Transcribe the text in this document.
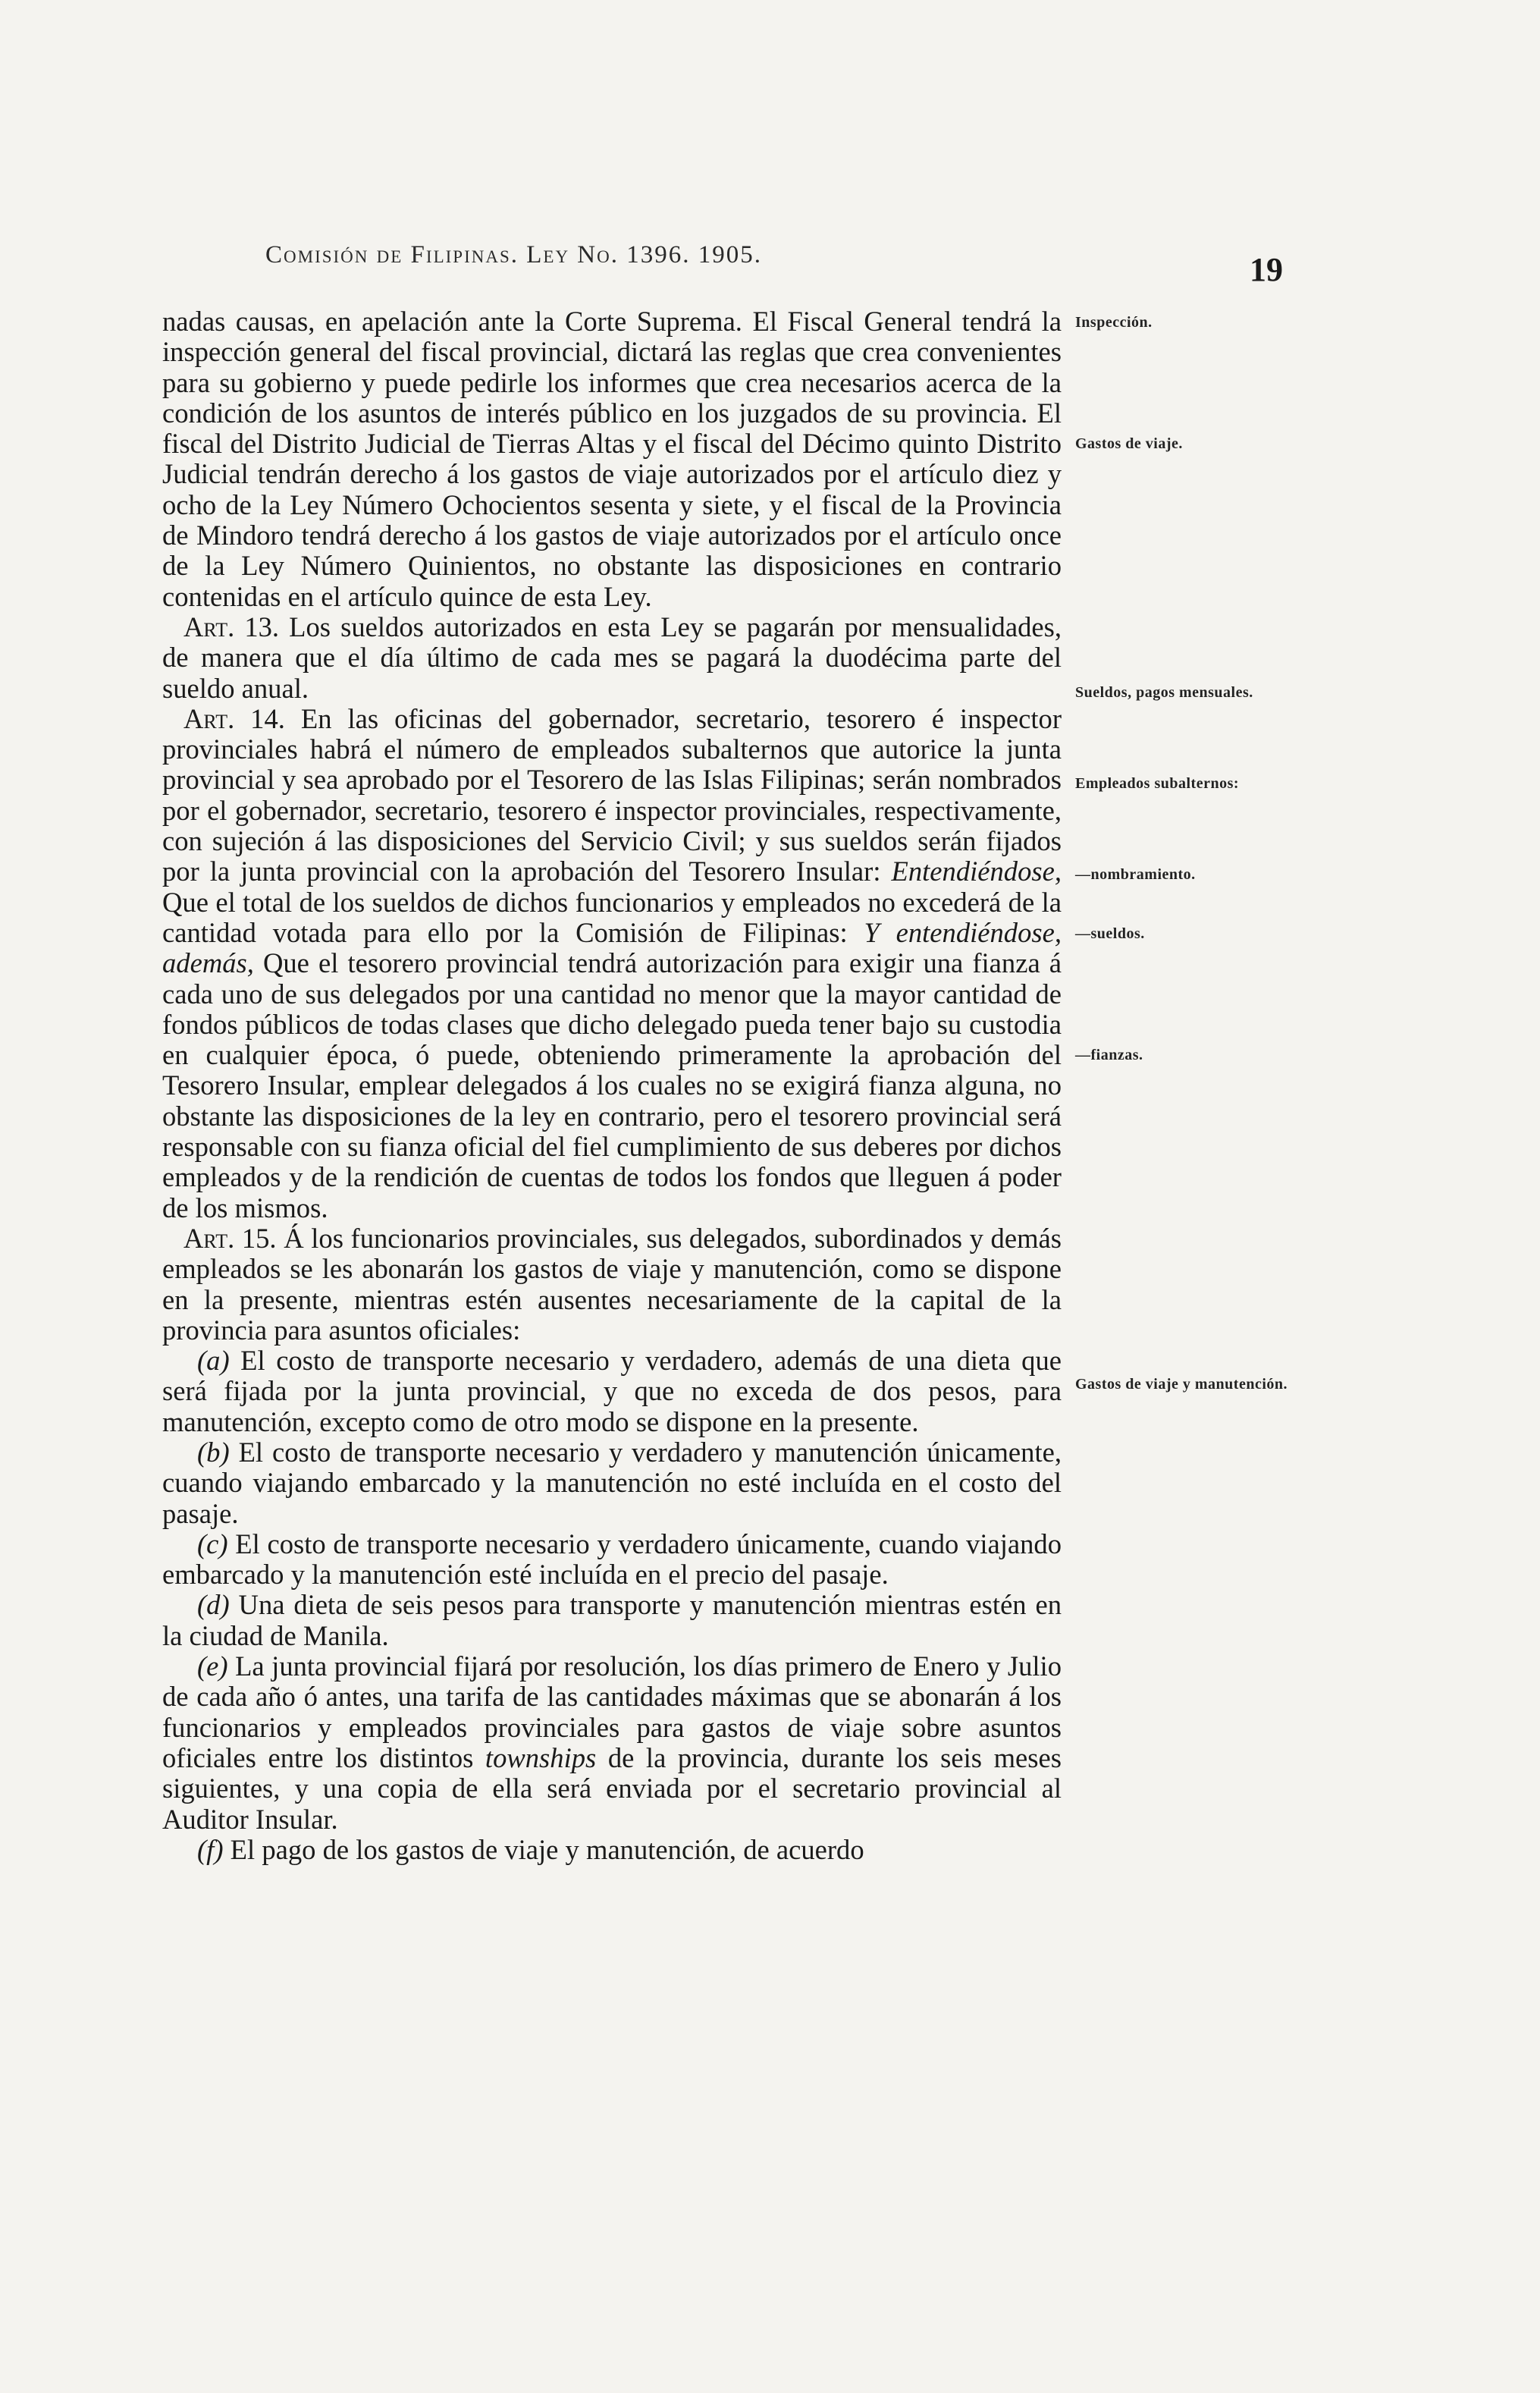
Comisión de Filipinas. Ley No. 1396. 1905.	19
Inspección.
Gastos de viaje.
Sueldos, pagos mensuales.
Empleados subalternos:
—nombramiento.
—sueldos.
—fianzas.
Gastos de viaje y manutención.

nadas causas, en apelación ante la Corte Suprema. El Fiscal General tendrá la inspección general del fiscal provincial, dictará las reglas que crea convenientes para su gobierno y puede pedirle los informes que crea necesarios acerca de la condición de los asuntos de interés público en los juzgados de su provincia. El fiscal del Distrito Judicial de Tierras Altas y el fiscal del Décimo quinto Distrito Judicial tendrán derecho á los gastos de viaje autorizados por el artículo diez y ocho de la Ley Número Ochocientos sesenta y siete, y el fiscal de la Provincia de Mindoro tendrá derecho á los gastos de viaje autorizados por el artículo once de la Ley Número Quinientos, no obstante las disposiciones en contrario contenidas en el artículo quince de esta Ley.

Art. 13. Los sueldos autorizados en esta Ley se pagarán por mensualidades, de manera que el día último de cada mes se pagará la duodécima parte del sueldo anual.

Art. 14. En las oficinas del gobernador, secretario, tesorero é inspector provinciales habrá el número de empleados subalternos que autorice la junta provincial y sea aprobado por el Tesorero de las Islas Filipinas; serán nombrados por el gobernador, secretario, tesorero é inspector provinciales, respectivamente, con sujeción á las disposiciones del Servicio Civil; y sus sueldos serán fijados por la junta provincial con la aprobación del Tesorero Insular: Entendiéndose, Que el total de los sueldos de dichos funcionarios y empleados no excederá de la cantidad votada para ello por la Comisión de Filipinas: Y entendiéndose, además, Que el tesorero provincial tendrá autorización para exigir una fianza á cada uno de sus delegados por una cantidad no menor que la mayor cantidad de fondos públicos de todas clases que dicho delegado pueda tener bajo su custodia en cualquier época, ó puede, obteniendo primeramente la aprobación del Tesorero Insular, emplear delegados á los cuales no se exigirá fianza alguna, no obstante las disposiciones de la ley en contrario, pero el tesorero provincial será responsable con su fianza oficial del fiel cumplimiento de sus deberes por dichos empleados y de la rendición de cuentas de todos los fondos que lleguen á poder de los mismos.

Art. 15. Á los funcionarios provinciales, sus delegados, subordinados y demás empleados se les abonarán los gastos de viaje y manutención, como se dispone en la presente, mientras estén ausentes necesariamente de la capital de la provincia para asuntos oficiales:

(a) El costo de transporte necesario y verdadero, además de una dieta que será fijada por la junta provincial, y que no exceda de dos pesos, para manutención, excepto como de otro modo se dispone en la presente.

(b) El costo de transporte necesario y verdadero y manutención únicamente, cuando viajando embarcado y la manutención no esté incluída en el costo del pasaje.

(c) El costo de transporte necesario y verdadero únicamente, cuando viajando embarcado y la manutención esté incluída en el precio del pasaje.

(d) Una dieta de seis pesos para transporte y manutención mientras estén en la ciudad de Manila.

(e) La junta provincial fijará por resolución, los días primero de Enero y Julio de cada año ó antes, una tarifa de las cantidades máximas que se abonarán á los funcionarios y empleados provinciales para gastos de viaje sobre asuntos oficiales entre los distintos townships de la provincia, durante los seis meses siguientes, y una copia de ella será enviada por el secretario provincial al Auditor Insular.

(f) El pago de los gastos de viaje y manutención, de acuerdo
